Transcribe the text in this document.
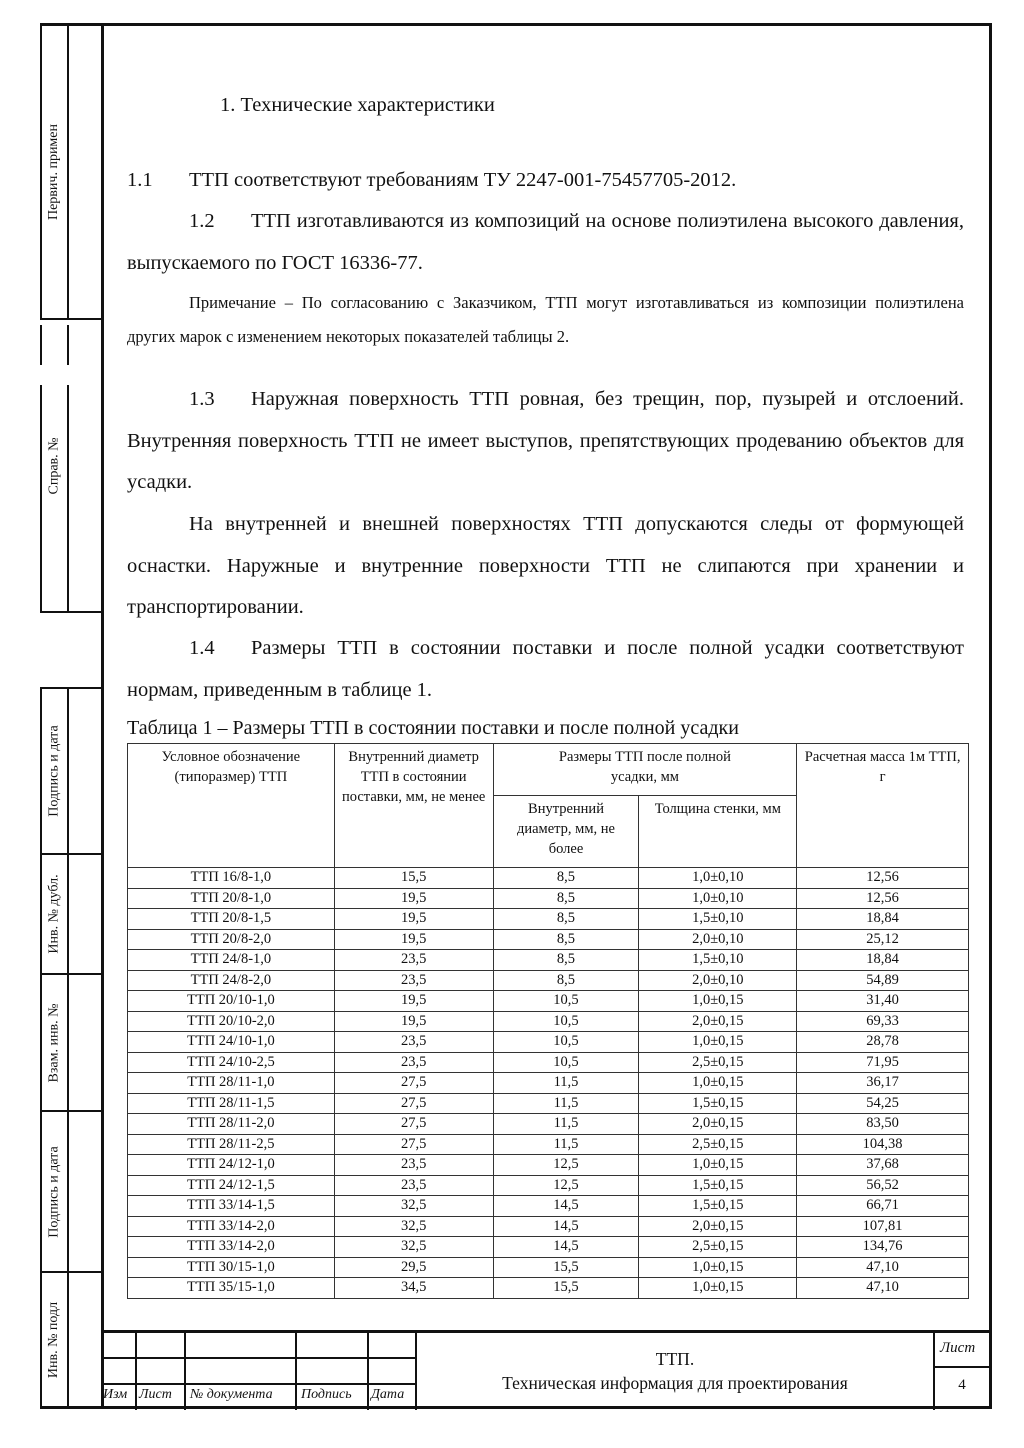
Первич. примен
Справ. №
Подпись и дата
Инв. № дубл.
Взам. инв. №
Подпись и дата
Инв. № подл
1. Технические характеристики
1.1	ТТП соответствуют требованиям ТУ 2247-001-75457705-2012.
1.2 ТТП изготавливаются из композиций на основе полиэтилена высокого давления, выпускаемого по ГОСТ 16336-77.
Примечание – По согласованию с Заказчиком, ТТП могут изготавливаться из композиции полиэтилена других марок с изменением некоторых показателей таблицы 2.
1.3 Наружная поверхность ТТП ровная, без трещин, пор, пузырей и отслоений. Внутренняя поверхность ТТП не имеет выступов, препятствующих продеванию объектов для усадки.
На внутренней и внешней поверхностях ТТП допускаются следы от формующей оснастки. Наружные и внутренние поверхности ТТП не слипаются при хранении и транспортировании.
1.4 Размеры ТТП в состоянии поставки и после полной усадки соответствуют нормам, приведенным в таблице 1.
Таблица 1 – Размеры ТТП в состоянии поставки и после полной усадки
Условное обозначение (типоразмер) ТТП	Внутренний диаметр ТТП в состоянии поставки, мм, не менее	Размеры ТТП после полной усадки, мм		Расчетная масса 1м ТТП, г
		Внутренний диаметр, мм, не более	Толщина стенки, мм	
ТТП 16/8-1,0	15,5	8,5	1,0±0,10	12,56
ТТП 20/8-1,0	19,5	8,5	1,0±0,10	12,56
ТТП 20/8-1,5	19,5	8,5	1,5±0,10	18,84
ТТП 20/8-2,0	19,5	8,5	2,0±0,10	25,12
ТТП 24/8-1,0	23,5	8,5	1,5±0,10	18,84
ТТП 24/8-2,0	23,5	8,5	2,0±0,10	54,89
ТТП 20/10-1,0	19,5	10,5	1,0±0,15	31,40
ТТП 20/10-2,0	19,5	10,5	2,0±0,15	69,33
ТТП 24/10-1,0	23,5	10,5	1,0±0,15	28,78
ТТП 24/10-2,5	23,5	10,5	2,5±0,15	71,95
ТТП 28/11-1,0	27,5	11,5	1,0±0,15	36,17
ТТП 28/11-1,5	27,5	11,5	1,5±0,15	54,25
ТТП 28/11-2,0	27,5	11,5	2,0±0,15	83,50
ТТП 28/11-2,5	27,5	11,5	2,5±0,15	104,38
ТТП 24/12-1,0	23,5	12,5	1,0±0,15	37,68
ТТП 24/12-1,5	23,5	12,5	1,5±0,15	56,52
ТТП 33/14-1,5	32,5	14,5	1,5±0,15	66,71
ТТП 33/14-2,0	32,5	14,5	2,0±0,15	107,81
ТТП 33/14-2,0	32,5	14,5	2,5±0,15	134,76
ТТП 30/15-1,0	29,5	15,5	1,0±0,15	47,10
ТТП 35/15-1,0	34,5	15,5	1,0±0,15	47,10
Изм Лист № документа Подпись Дата
ТТП.
Техническая информация для проектирования
Лист
4
